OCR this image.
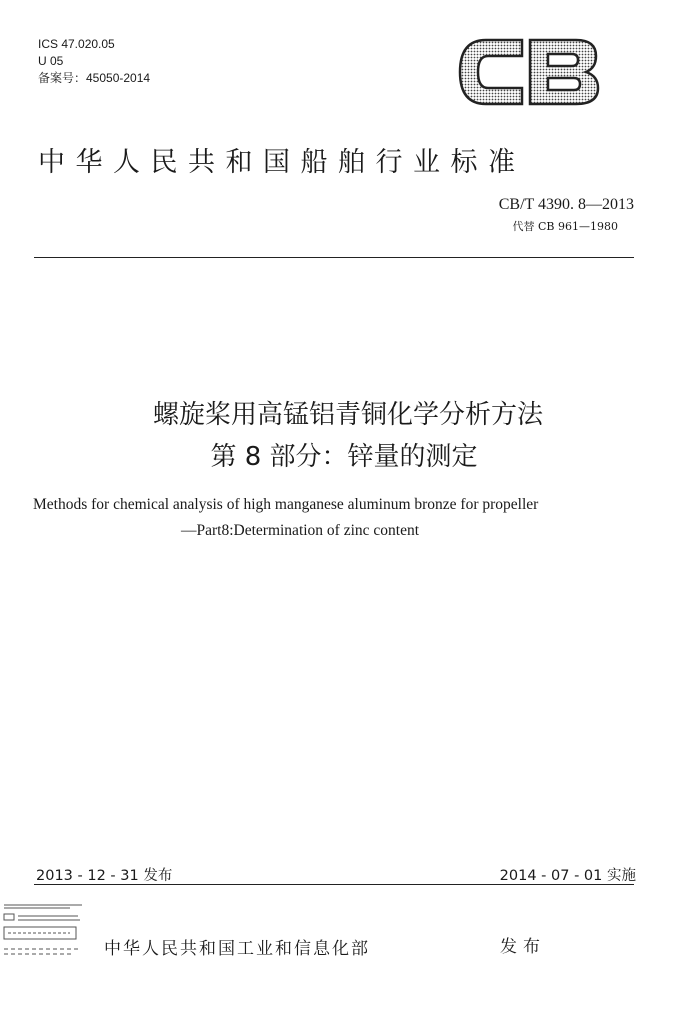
ICS 47.020.05
U 05
备案号：45050-2014
中华人民共和国船舶行业标准
CB/T 4390. 8—2013
代替 CB 961—1980
螺旋桨用高锰铝青铜化学分析方法
第 8 部分：锌量的测定
Methods for chemical analysis of high manganese aluminum bronze for propeller
—Part8:Determination of zinc content
2013 - 12 - 31 发布	2014 - 07 - 01 实施
中华人民共和国工业和信息化部	发布
